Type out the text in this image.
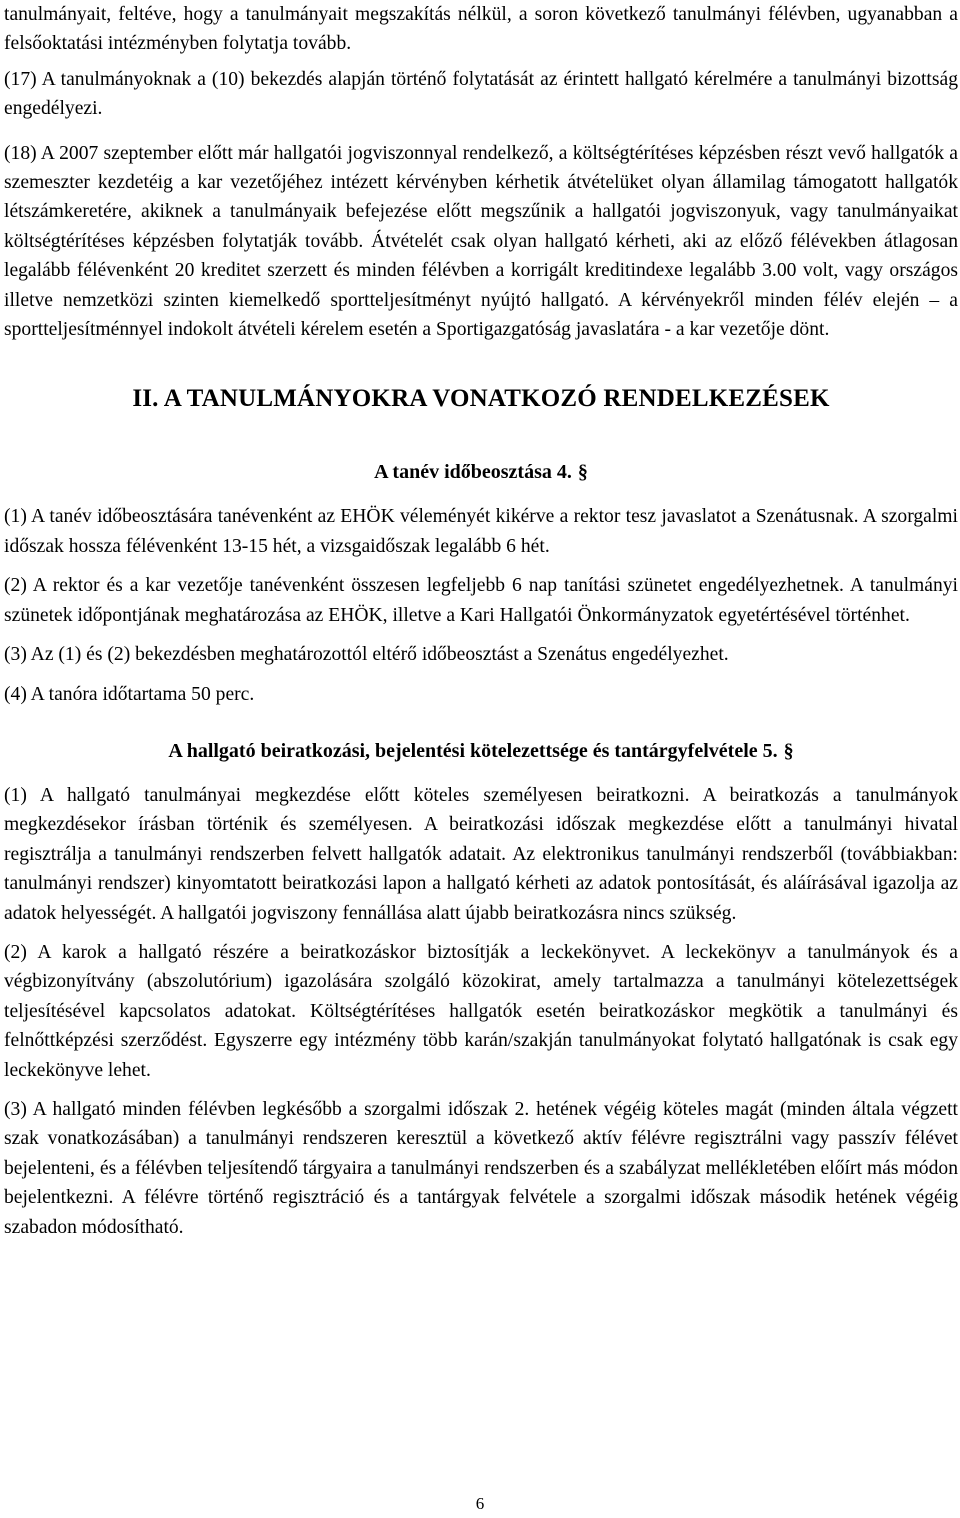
tanulmányait, feltéve, hogy a tanulmányait megszakítás nélkül, a soron következő tanulmányi félévben, ugyanabban a felsőoktatási intézményben folytatja tovább.

(17) A tanulmányoknak a (10) bekezdés alapján történő folytatását az érintett hallgató kérelmére a tanulmányi bizottság engedélyezi.

(18) A 2007 szeptember előtt már hallgatói jogviszonnyal rendelkező, a költségtérítéses képzésben részt vevő hallgatók a szemeszter kezdetéig a kar vezetőjéhez intézett kérvényben kérhetik átvételüket olyan államilag támogatott hallgatók létszámkeretére, akiknek a tanulmányaik befejezése előtt megszűnik a hallgatói jogviszonyuk, vagy tanulmányaikat költségtérítéses képzésben folytatják tovább. Átvételét csak olyan hallgató kérheti, aki az előző félévekben átlagosan legalább félévenként 20 kreditet szerzett és minden félévben a korrigált kreditindexe legalább 3.00 volt, vagy országos illetve nemzetközi szinten kiemelkedő sportteljesítményt nyújtó hallgató. A kérvényekről minden félév elején – a sportteljesítménnyel indokolt átvételi kérelem esetén a Sportigazgatóság javaslatára - a kar vezetője dönt.

II. A TANULMÁNYOKRA VONATKOZÓ RENDELKEZÉSEK
A tanév időbeosztása 4. §

(1) A tanév időbeosztására tanévenként az EHÖK véleményét kikérve a rektor tesz javaslatot a Szenátusnak. A szorgalmi időszak hossza félévenként 13-15 hét, a vizsgaidőszak legalább 6 hét.

(2) A rektor és a kar vezetője tanévenként összesen legfeljebb 6 nap tanítási szünetet engedélyezhetnek. A tanulmányi szünetek időpontjának meghatározása az EHÖK, illetve a Kari Hallgatói Önkormányzatok egyetértésével történhet.

(3) Az (1) és (2) bekezdésben meghatározottól eltérő időbeosztást a Szenátus engedélyezhet.

(4) A tanóra időtartama 50 perc.

A hallgató beiratkozási, bejelentési kötelezettsége és tantárgyfelvétele 5. §

(1) A hallgató tanulmányai megkezdése előtt köteles személyesen beiratkozni. A beiratkozás a tanulmányok megkezdésekor írásban történik és személyesen. A beiratkozási időszak megkezdése előtt a tanulmányi hivatal regisztrálja a tanulmányi rendszerben felvett hallgatók adatait. Az elektronikus tanulmányi rendszerből (továbbiakban: tanulmányi rendszer) kinyomtatott beiratkozási lapon a hallgató kérheti az adatok pontosítását, és aláírásával igazolja az adatok helyességét. A hallgatói jogviszony fennállása alatt újabb beiratkozásra nincs szükség.

(2) A karok a hallgató részére a beiratkozáskor biztosítják a leckekönyvet. A leckekönyv a tanulmányok és a végbizonyítvány (abszolutórium) igazolására szolgáló közokirat, amely tartalmazza a tanulmányi kötelezettségek teljesítésével kapcsolatos adatokat. Költségtérítéses hallgatók esetén beiratkozáskor megkötik a tanulmányi és felnőttképzési szerződést. Egyszerre egy intézmény több karán/szakján tanulmányokat folytató hallgatónak is csak egy leckekönyve lehet.

(3) A hallgató minden félévben legkésőbb a szorgalmi időszak 2. hetének végéig köteles magát (minden általa végzett szak vonatkozásában) a tanulmányi rendszeren keresztül a következő aktív félévre regisztrálni vagy passzív félévet bejelenteni, és a félévben teljesítendő tárgyaira a tanulmányi rendszerben és a szabályzat mellékletében előírt más módon bejelentkezni. A félévre történő regisztráció és a tantárgyak felvétele a szorgalmi időszak második hetének végéig szabadon módosítható.

6
